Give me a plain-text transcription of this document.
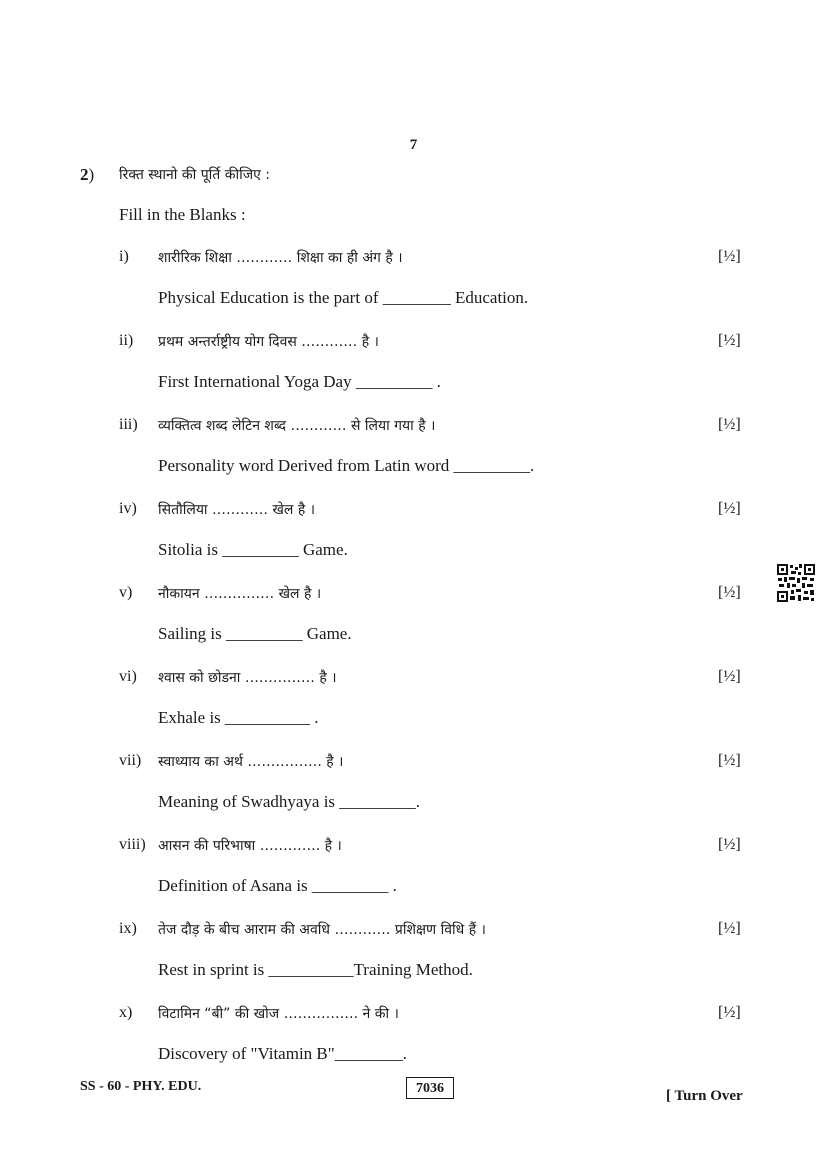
7
2) रिक्त स्थानो की पूर्ति कीजिए :
Fill in the Blanks :
i) शारीरिक शिक्षा ………… शिक्षा का ही अंग है ।	[½]
Physical Education is the part of ________ Education.
ii) प्रथम अन्तर्राष्ट्रीय योग दिवस ………… है ।	[½]
First International Yoga Day _________ .
iii) व्यक्तित्व शब्द लेटिन शब्द ………… से लिया गया है ।	[½]
Personality word Derived from Latin word _________.
iv) सितौलिया ………… खेल है ।	[½]
Sitolia is _________ Game.
v) नौकायन …………… खेल है ।	[½]
Sailing is _________ Game.
vi) श्वास को छोडना …………… है ।	[½]
Exhale is __________ .
vii) स्वाध्याय का अर्थ ……………. है ।	[½]
Meaning of Swadhyaya is _________.
viii) आसन की परिभाषा …………. है ।	[½]
Definition of Asana is _________ .
ix) तेज दौड़ के बीच आराम की अवधि ………… प्रशिक्षण विधि हैं ।	[½]
Rest in sprint is __________Training Method.
x) विटामिन “बी” की खोज ……………. ने की ।	[½]
Discovery of "Vitamin B"________.
SS - 60 - PHY. EDU.	7036	[ Turn Over
